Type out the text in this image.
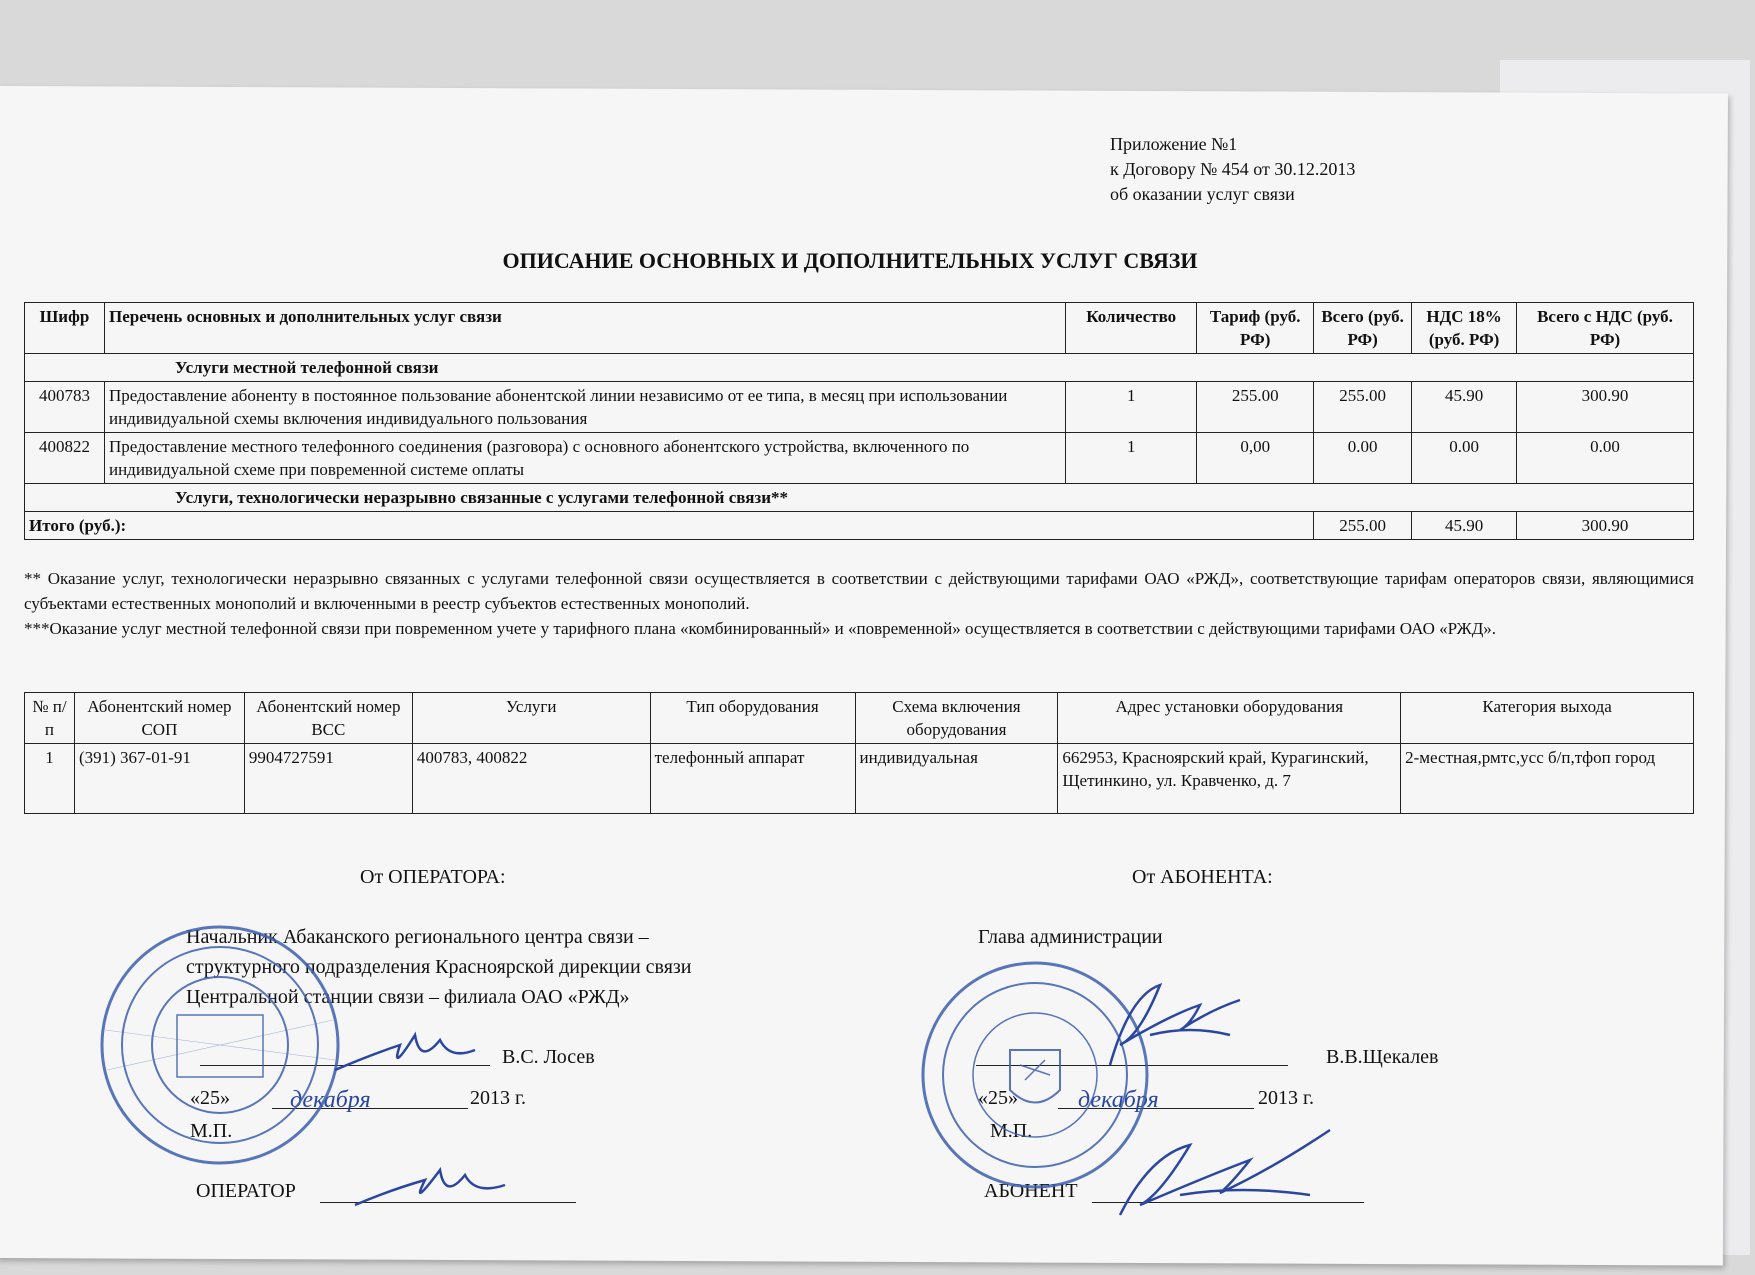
Приложение №1
к Договору № 454 от 30.12.2013
об оказании услуг связи
ОПИСАНИЕ ОСНОВНЫХ И ДОПОЛНИТЕЛЬНЫХ УСЛУГ СВЯЗИ
Шифр	Перечень основных и дополнительных услуг связи	Количество	Тариф (руб. РФ)	Всего (руб. РФ)	НДС 18% (руб. РФ)	Всего с НДС (руб. РФ)
Услуги местной телефонной связи						
400783	Предоставление абоненту в постоянное пользование абонентской линии независимо от ее типа, в месяц при использовании индивидуальной схемы включения индивидуального пользования	1	255.00	255.00	45.90	300.90
400822	Предоставление местного телефонного соединения (разговора) с основного абонентского устройства, включенного по индивидуальной схеме при повременной системе оплаты	1	0,00	0.00	0.00	0.00
Услуги, технологически неразрывно связанные с услугами телефонной связи**						
Итого (руб.):				255.00	45.90	300.90

** Оказание услуг, технологически неразрывно связанных с услугами телефонной связи осуществляется в соответствии с действующими тарифами ОАО «РЖД», соответствующие тарифам операторов связи, являющимися субъектами естественных монополий и включенными в реестр субъектов естественных монополий.

***Оказание услуг местной телефонной связи при повременном учете у тарифного плана «комбинированный» и «повременной» осуществляется в соответствии с действующими тарифами ОАО «РЖД».

№ п/п	Абонентский номер СОП	Абонентский номер ВСС	Услуги	Тип оборудования	Схема включения оборудования	Адрес установки оборудования	Категория выхода
1	(391) 367-01-91	9904727591	400783, 400822	телефонный аппарат	индивидуальная	662953, Красноярский край, Курагинский, Щетинкино, ул. Кравченко, д. 7	2-местная,рмтс,усс б/п,тфоп город
От ОПЕРАТОРА:
Начальник Абаканского регионального центра связи –
структурного подразделения Красноярской дирекции связи
Центральной станции связи – филиала ОАО «РЖД»
В.С. Лосев
«25»	декабря	2013 г.
М.П.
ОПЕРАТОР
От АБОНЕНТА:
Глава администрации
В.В.Щекалев
«25»	декабря	2013 г.
М.П.
АБОНЕНТ
